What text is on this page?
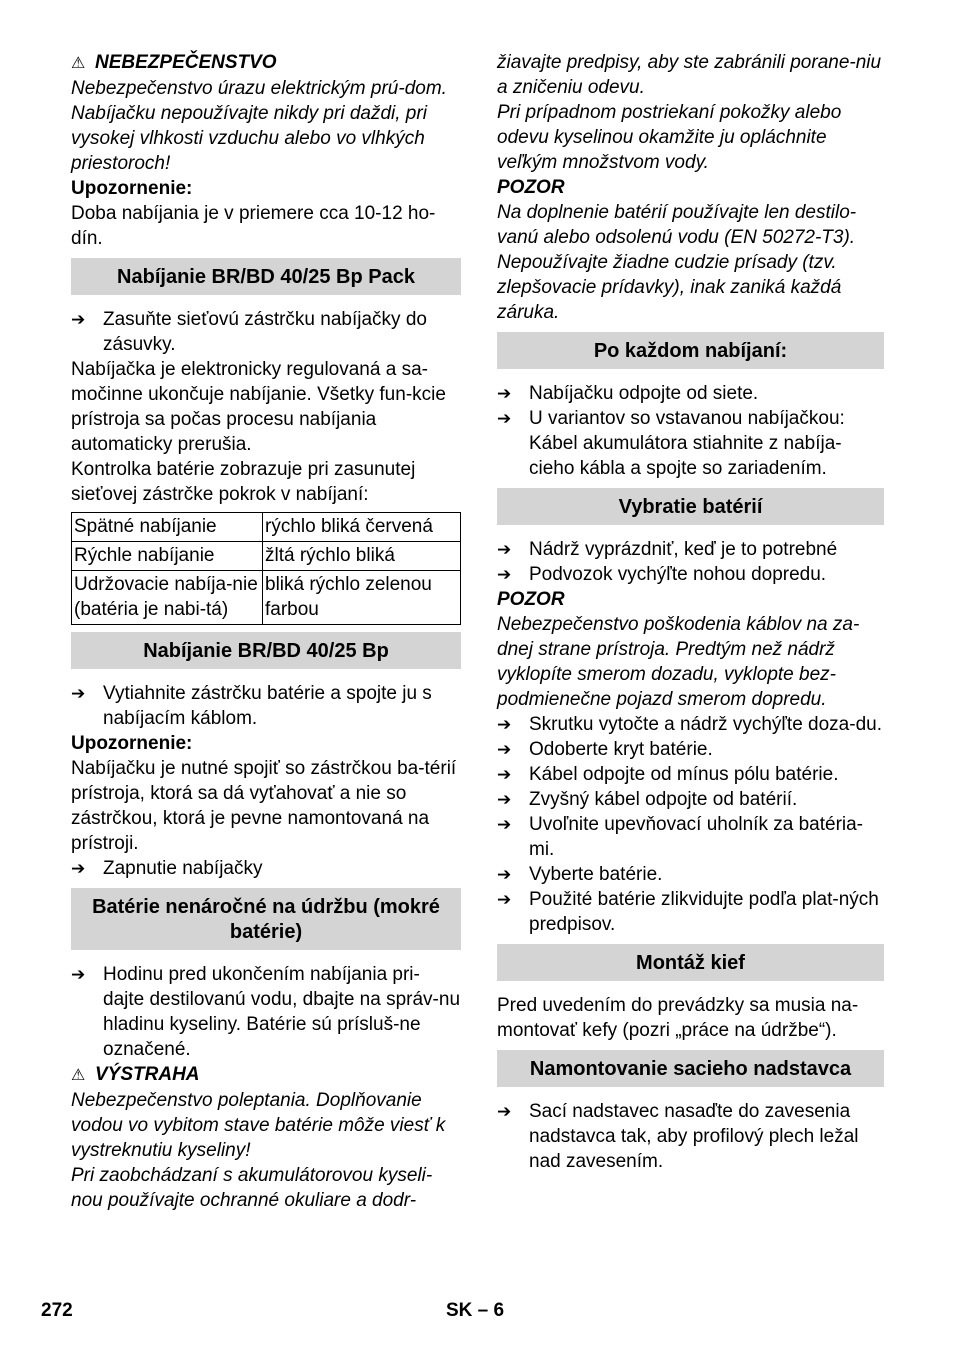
⚠ NEBEZPEČENSTVO

Nebezpečenstvo úrazu elektrickým prú-dom.

Nabíjačku nepoužívajte nikdy pri daždi, pri vysokej vlhkosti vzduchu alebo vo vlhkých priestoroch!

Upozornenie:

Doba nabíjania je v priemere cca 10-12 ho-dín.

Nabíjanie BR/BD 40/25 Bp Pack
➔ Zasuňte sieťovú zástrčku nabíjačky do zásuvky.

Nabíjačka je elektronicky regulovaná a sa-močinne ukončuje nabíjanie. Všetky fun-kcie prístroja sa počas procesu nabíjania automaticky prerušia.

Kontrolka batérie zobrazuje pri zasunutej sieťovej zástrčke pokrok v nabíjaní:

Spätné nabíjanie	rýchlo bliká červená
Rýchle nabíjanie	žltá rýchlo bliká
Udržovacie nabíja-nie (batéria je nabi-tá)	bliká rýchlo zelenou farbou
Nabíjanie BR/BD 40/25 Bp
➔ Vytiahnite zástrčku batérie a spojte ju s nabíjacím káblom.

Upozornenie:

Nabíjačku je nutné spojiť so zástrčkou ba-térií prístroja, ktorá sa dá vyťahovať a nie so zástrčkou, ktorá je pevne namontovaná na prístroji.

➔ Zapnutie nabíjačky
Batérie nenáročné na údržbu (mokré batérie)
➔ Hodinu pred ukončením nabíjania pri-dajte destilovanú vodu, dbajte na správ-nu hladinu kyseliny. Batérie sú prísluš-ne označené.

⚠ VÝSTRAHA

Nebezpečenstvo poleptania. Doplňovanie vodou vo vybitom stave batérie môže viesť k vystreknutiu kyseliny!

Pri zaobchádzaní s akumulátorovou kyseli-nou používajte ochranné okuliare a dodr-

žiavajte predpisy, aby ste zabránili porane-niu a zničeniu odevu.

Pri prípadnom postriekaní pokožky alebo odevu kyselinou okamžite ju opláchnite veľkým množstvom vody.

POZOR

Na doplnenie batérií používajte len destilo-vanú alebo odsolenú vodu (EN 50272-T3). Nepoužívajte žiadne cudzie prísady (tzv. zlepšovacie prídavky), inak zaniká každá záruka.

Po každom nabíjaní:
➔ Nabíjačku odpojte od siete.
➔ U variantov so vstavanou nabíjačkou: Kábel akumulátora stiahnite z nabíja-cieho kábla a spojte so zariadením.
Vybratie batérií
➔ Nádrž vyprázdniť, keď je to potrebné
➔ Podvozok vychýľte nohou dopredu.

POZOR

Nebezpečenstvo poškodenia káblov na za-dnej strane prístroja. Predtým než nádrž vyklopíte smerom dozadu, vyklopte bez-podmienečne pojazd smerom dopredu.

➔ Skrutku vytočte a nádrž vychýľte doza-du.
➔ Odoberte kryt batérie.
➔ Kábel odpojte od mínus pólu batérie.
➔ Zvyšný kábel odpojte od batérií.
➔ Uvoľnite upevňovací uholník za batéria-mi.
➔ Vyberte batérie.
➔ Použité batérie zlikvidujte podľa plat-ných predpisov.
Montáž kief

Pred uvedením do prevádzky sa musia na-montovať kefy (pozri „práce na údržbe“).

Namontovanie sacieho nadstavca
➔ Sací nadstavec nasaďte do zavesenia nadstavca tak, aby profilový plech ležal nad zavesením.
272	SK – 6
